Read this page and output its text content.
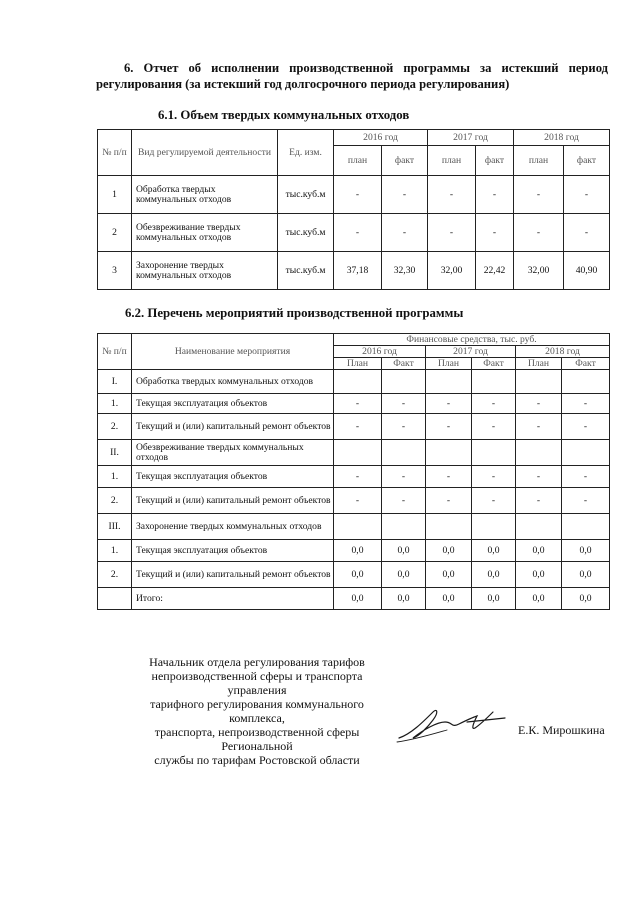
6. Отчет об исполнении производственной программы за истекший период
регулирования (за истекший год долгосрочного периода регулирования)
6.1. Объем твердых коммунальных отходов
№ п/п	Вид регулируемой деятельности	Ед. изм.	2016 год		2017 год		2018 год	
			план	факт	план	факт	план	факт
1	Обработка твердых коммунальных отходов	тыс.куб.м	-	-	-	-	-	-
2	Обезвреживание твердых коммунальных отходов	тыс.куб.м	-	-	-	-	-	-
3	Захоронение твердых коммунальных отходов	тыс.куб.м	37,18	32,30	32,00	22,42	32,00	40,90
6.2. Перечень мероприятий производственной программы
№ п/п	Наименование мероприятия	Финансовые средства, тыс. руб.					
		2016 год		2017 год		2018 год	
		План	Факт	План	Факт	План	Факт
I.	Обработка твердых коммунальных отходов						
1.	Текущая эксплуатация объектов	-	-	-	-	-	-
2.	Текущий и (или) капитальный ремонт объектов	-	-	-	-	-	-
II.	Обезвреживание твердых коммунальных отходов						
1.	Текущая эксплуатация объектов	-	-	-	-	-	-
2.	Текущий и (или) капитальный ремонт объектов	-	-	-	-	-	-
III.	Захоронение твердых коммунальных отходов						
1.	Текущая эксплуатация объектов	0,0	0,0	0,0	0,0	0,0	0,0
2.	Текущий и (или) капитальный ремонт объектов	0,0	0,0	0,0	0,0	0,0	0,0
	Итого:	0,0	0,0	0,0	0,0	0,0	0,0
Начальник отдела регулирования тарифов
непроизводственной сферы и транспорта управления
тарифного регулирования коммунального комплекса,
транспорта, непроизводственной сферы Региональной
службы по тарифам Ростовской области
Е.К. Мирошкина
